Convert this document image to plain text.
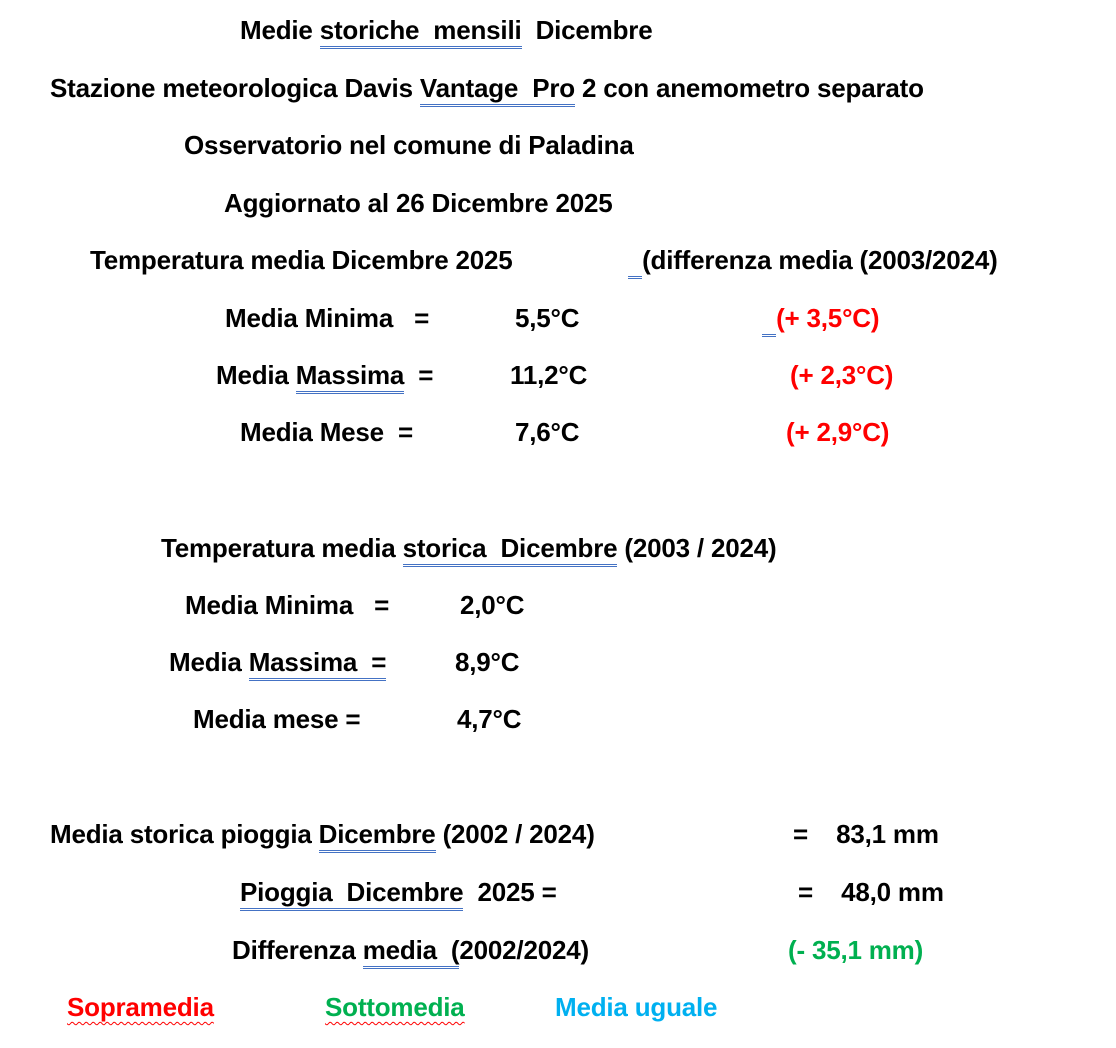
Medie storiche  mensili  Dicembre
Stazione meteorologica Davis Vantage  Pro 2 con anemometro separato
Osservatorio nel comune di Paladina
Aggiornato al 26 Dicembre 2025
Temperatura media Dicembre 2025	(differenza media (2003/2024)
Media Minima   =	5,5°C	(+ 3,5°C)
Media Massima  =	11,2°C	(+ 2,3°C)
Media Mese  =	7,6°C	(+ 2,9°C)
Temperatura media storica  Dicembre (2003 / 2024)
Media Minima   =	2,0°C
Media Massima  =	8,9°C
Media mese =	4,7°C
Media storica pioggia Dicembre (2002 / 2024)	=    83,1 mm
Pioggia  Dicembre  2025 =	=    48,0 mm
Differenza media  (2002/2024)	(- 35,1 mm)
Sopramedia	Sottomedia	Media uguale
